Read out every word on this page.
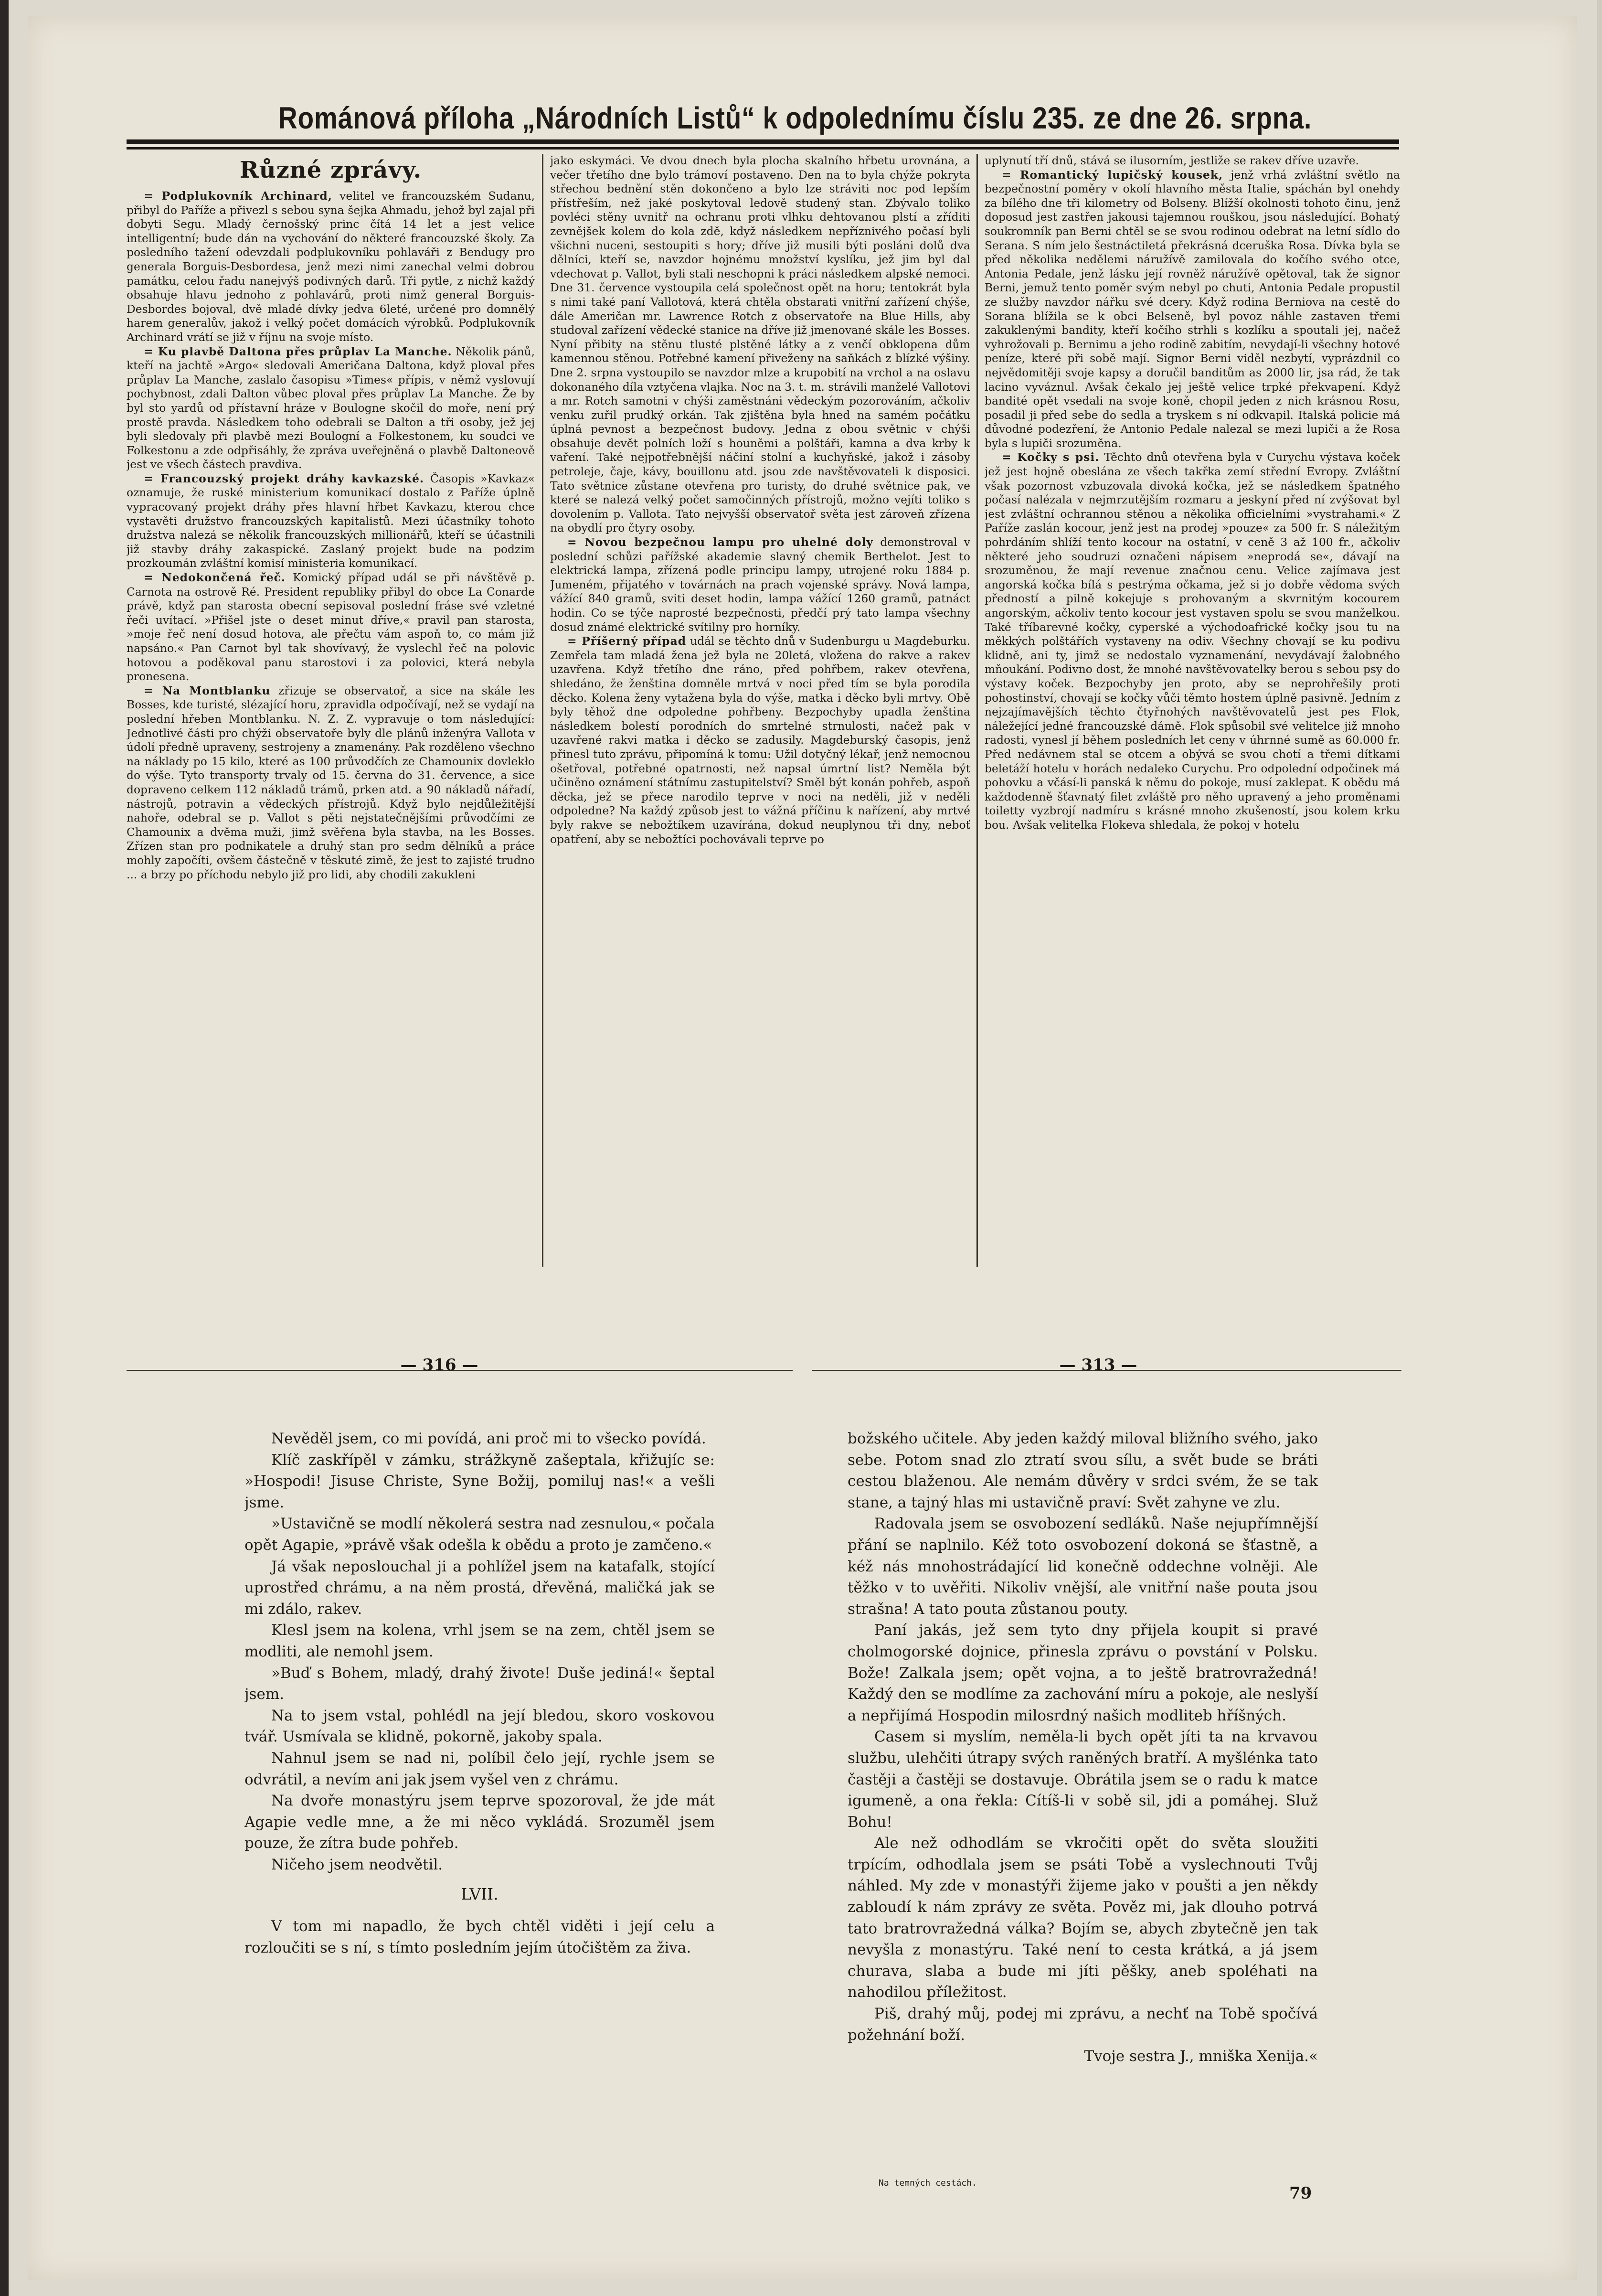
Románová příloha „Národních Listů“ k odpolednímu číslu 235. ze dne 26. srpna.
Různé zprávy.

= Podplukovník Archinard, velitel ve francouzském Sudanu, přibyl do Paříže a přivezl s sebou syna šejka Ahmadu, jehož byl zajal při dobyti Segu. Mladý černošský princ čítá 14 let a jest velice intelligentní; bude dán na vychování do některé francouzské školy. Za posledního tažení odevzdali podplukovníku pohlaváři z Bendugy pro generala Borguis-Desbordesa, jenž mezi nimi zanechal velmi dobrou památku, celou řadu nanejvýš podivných darů. Tři pytle, z nichž každý obsahuje hlavu jednoho z pohlavárů, proti nimž general Borguis-Desbordes bojoval, dvě mladé dívky jedva 6leté, určené pro domnělý harem generalův, jakož i velký počet domácích výrobků. Podplukovník Archinard vrátí se již v říjnu na svoje místo.

= Ku plavbě Daltona přes průplav La Manche. Několik pánů, kteří na jachtě »Argo« sledovali Američana Daltona, když ploval přes průplav La Manche, zaslalo časopisu »Times« přípis, v němž vyslovují pochybnost, zdali Dalton vůbec ploval přes průplav La Manche. Že by byl sto yardů od přístavní hráze v Boulogne skočil do moře, není prý prostě pravda. Následkem toho odebrali se Dalton a tři osoby, jež jej byli sledovaly při plavbě mezi Boulogní a Folkestonem, ku soudci ve Folkestonu a zde odpřisáhly, že zpráva uveřejněná o plavbě Daltoneově jest ve všech částech pravdiva.

= Francouzský projekt dráhy kavkazské. Časopis »Kavkaz« oznamuje, že ruské ministerium komunikací dostalo z Paříže úplně vypracovaný projekt dráhy přes hlavní hřbet Kavkazu, kterou chce vystavěti družstvo francouzských kapitalistů. Mezi účastníky tohoto družstva nalezá se několik francouzských millionářů, kteří se účastnili již stavby dráhy zakaspické. Zaslaný projekt bude na podzim prozkoumán zvláštní komisí ministeria komunikací.

= Nedokončená řeč. Komický případ udál se při návštěvě p. Carnota na ostrově Ré. President republiky přibyl do obce La Conarde právě, když pan starosta obecní sepisoval poslední fráse své vzletné řeči uvítací. »Přišel jste o deset minut dříve,« pravil pan starosta, »moje řeč není dosud hotova, ale přečtu vám aspoň to, co mám již napsáno.« Pan Carnot byl tak shovívavý, že vyslechl řeč na polovic hotovou a poděkoval panu starostovi i za polovici, která nebyla pronesena.

= Na Montblanku zřizuje se observatoř, a sice na skále les Bosses, kde turisté, slézající horu, zpravidla odpočívají, než se vydají na poslední hřeben Montblanku. N. Z. Z. vypravuje o tom následující: Jednotlivé části pro chýži observatoře byly dle plánů inženýra Vallota v údolí předně upraveny, sestrojeny a znamenány. Pak rozděleno všechno na náklady po 15 kilo, které as 100 průvodčích ze Chamounix dovlekło do výše. Tyto transporty trvaly od 15. června do 31. července, a sice dopraveno celkem 112 nákladů trámů, prken atd. a 90 nákladů nářadí, nástrojů, potravin a vědeckých přístrojů. Když bylo nejdůležitější nahoře, odebral se p. Vallot s pěti nejstatečnějšími průvodčími ze Chamounix a dvěma muži, jimž svěřena byla stavba, na les Bosses. Zřízen stan pro podnikatele a druhý stan pro sedm dělníků a práce mohly započíti, ovšem částečně v těskuté zimě, že jest to zajisté trudno ... a brzy po příchodu nebylo již pro lidi, aby chodili zakukleni

jako eskymáci. Ve dvou dnech byla plocha skalního hřbetu urovnána, a večer třetího dne bylo trámoví postaveno. Den na to byla chýže pokryta střechou bednění stěn dokončeno a bylo lze stráviti noc pod lepším přístřeším, než jaké poskytoval ledově studený stan. Zbývalo toliko povléci stěny uvnitř na ochranu proti vlhku dehtovanou plstí a zříditi zevnějšek kolem do kola zdě, když následkem nepříznivého počasí byli všichni nuceni, sestoupiti s hory; dříve již musili býti posláni dolů dva dělníci, kteří se, navzdor hojnému množství kyslíku, jež jim byl dal vdechovat p. Vallot, byli stali neschopni k práci následkem alpské nemoci. Dne 31. července vystoupila celá společnost opět na horu; tentokrát byla s nimi také paní Vallotová, která chtěla obstarati vnitřní zařízení chýše, dále Američan mr. Lawrence Rotch z observatoře na Blue Hills, aby studoval zařízení vědecké stanice na dříve již jmenované skále les Bosses. Nyní přibity na stěnu tlusté plstěné látky a z venčí obklopena dům kamennou stěnou. Potřebné kamení přiveženy na saňkách z blízké výšiny. Dne 2. srpna vystoupilo se navzdor mlze a krupobití na vrchol a na oslavu dokonaného díla vztyčena vlajka. Noc na 3. t. m. strávili manželé Vallotovi a mr. Rotch samotni v chýši zaměstnáni vědeckým pozorováním, ačkoliv venku zuřil prudký orkán. Tak zjištěna byla hned na samém počátku úplná pevnost a bezpečnost budovy. Jedna z obou světnic v chýši obsahuje devět polních loží s houněmi a polštáři, kamna a dva krby k vaření. Také nejpotřebnější náčiní stolní a kuchyňské, jakož i zásoby petroleje, čaje, kávy, bouillonu atd. jsou zde navštěvovateli k disposici. Tato světnice zůstane otevřena pro turisty, do druhé světnice pak, ve které se nalezá velký počet samočinných přístrojů, možno vejíti toliko s dovolením p. Vallota. Tato nejvyšší observatoř světa jest zároveň zřízena na obydlí pro čtyry osoby.

= Novou bezpečnou lampu pro uhelné doly demonstroval v poslední schůzi pařížské akademie slavný chemik Berthelot. Jest to elektrická lampa, zřízená podle principu lampy, utrojené roku 1884 p. Jumeném, přijatého v továrnách na prach vojenské správy. Nová lampa, vážící 840 gramů, sviti deset hodin, lampa vážící 1260 gramů, patnáct hodin. Co se týče naprosté bezpečnosti, předčí prý tato lampa všechny dosud známé elektrické svítilny pro horníky.

= Příšerný případ udál se těchto dnů v Sudenburgu u Magdeburku. Zemřela tam mladá žena jež byla ne 20letá, vložena do rakve a rakev uzavřena. Když třetího dne ráno, před pohřbem, rakev otevřena, shledáno, že ženština domněle mrtvá v noci před tím se byla porodila děcko. Kolena ženy vytažena byla do výše, matka i děcko byli mrtvy. Obě byly těhož dne odpoledne pohřbeny. Bezpochyby upadla ženština následkem bolestí porodních do smrtelné strnulosti, načež pak v uzavřené rakvi matka i děcko se zadusily. Magdeburský časopis, jenž přinesl tuto zprávu, připomíná k tomu: Užil dotyčný lékař, jenž nemocnou ošetřoval, potřebné opatrnosti, než napsal úmrtní list? Neměla být učiněno oznámení státnímu zastupitelství? Směl být konán pohřeb, aspoň děcka, jež se přece narodilo teprve v noci na neděli, již v neděli odpoledne? Na každý způsob jest to vážná příčinu k nařízení, aby mrtvé byly rakve se nebožtíkem uzavírána, dokud neuplynou tři dny, neboť opatření, aby se nebožtíci pochovávali teprve po

uplynutí tří dnů, stává se ilusorním, jestliže se rakev dříve uzavře.

= Romantický lupičský kousek, jenž vrhá zvláštní světlo na bezpečnostní poměry v okolí hlavního města Italie, spáchán byl onehdy za bílého dne tři kilometry od Bolseny. Blížší okolnosti tohoto činu, jenž doposud jest zastřen jakousi tajemnou rouškou, jsou následující. Bohatý soukromník pan Berni chtěl se se svou rodinou odebrat na letní sídlo do Serana. S ním jelo šestnáctiletá překrásná dceruška Rosa. Dívka byla se před několika nedělemi náružívě zamilovala do kočího svého otce, Antonia Pedale, jenž lásku její rovněž náružívě opětoval, tak že signor Berni, jemuž tento poměr svým nebyl po chuti, Antonia Pedale propustil ze služby navzdor nářku své dcery. Když rodina Berniova na cestě do Sorana blížila se k obci Belseně, byl povoz náhle zastaven třemi zakuklenými bandity, kteří kočího strhli s kozlíku a spoutali jej, načež vyhrožovali p. Bernimu a jeho rodině zabitím, nevydají-li všechny hotové peníze, které při sobě mají. Signor Berni viděl nezbytí, vyprázdnil co nejvědomitěji svoje kapsy a doručil banditům as 2000 lir, jsa rád, že tak lacino vyváznul. Avšak čekalo jej ještě velice trpké překvapení. Když bandité opět vsedali na svoje koně, chopil jeden z nich krásnou Rosu, posadil ji před sebe do sedla a tryskem s ní odkvapil. Italská policie má důvodné podezření, že Antonio Pedale nalezal se mezi lupiči a že Rosa byla s lupiči srozuměna.

= Kočky s psi. Těchto dnů otevřena byla v Curychu výstava koček jež jest hojně obeslána ze všech takřka zemí střední Evropy. Zvláštní však pozornost vzbuzovala divoká kočka, jež se následkem špatného počasí nalézala v nejmrzutějším rozmaru a jeskyní před ní zvýšovat byl jest zvláštní ochrannou stěnou a několika officielními »vystrahami.« Z Paříže zaslán kocour, jenž jest na prodej »pouze« za 500 fr. S náležitým pohrdáním shlíží tento kocour na ostatní, v ceně 3 až 100 fr., ačkoliv některé jeho soudruzi označeni nápisem »neprodá se«, dávají na srozuměnou, že mají revenue značnou cenu. Velice zajímava jest angorská kočka bílá s pestrýma očkama, jež si jo dobře vědoma svých předností a pilně kokejuje s prohovaným a skvrnitým kocourem angorským, ačkoliv tento kocour jest vystaven spolu se svou manželkou. Také tříbarevné kočky, cyperské a východoafrické kočky jsou tu na měkkých polštářích vystaveny na odiv. Všechny chovají se ku podivu klidně, ani ty, jimž se nedostalo vyznamenání, nevydávají žalobného mňoukání. Podivno dost, že mnohé navštěvovatelky berou s sebou psy do výstavy koček. Bezpochyby jen proto, aby se neprohřešily proti pohostinství, chovají se kočky vůči těmto hostem úplně pasivně. Jedním z nejzajímavějších těchto čtyřnohých navštěvovatelů jest pes Flok, náležející jedné francouzské dámě. Flok spůsobil své velitelce již mnoho radosti, vynesl jí během posledních let ceny v úhrnné sumě as 60.000 fr. Před nedávnem stal se otcem a obývá se svou chotí a třemi dítkami beletáží hotelu v horách nedaleko Curychu. Pro odpolední odpočinek má pohovku a včásí-li panská k němu do pokoje, musí zaklepat. K obědu má každodenně šťavnatý filet zvláště pro něho upravený a jeho proměnami toiletty vyzbrojí nadmíru s krásné mnoho zkušeností, jsou kolem krku bou. Avšak velitelka Flokeva shledala, že pokoj v hotelu

— 316 —	— 313 —

Nevěděl jsem, co mi povídá, ani proč mi to všecko povídá.

Klíč zaskřípěl v zámku, strážkyně zašeptala, křižujíc se: »Hospodi! Jisuse Christe, Syne Božij, pomiluj nas!« a vešli jsme.

»Ustavičně se modlí několerá sestra nad zesnulou,« počala opět Agapie, »právě však odešla k obědu a proto je zamčeno.«

Já však neposlouchal ji a pohlížel jsem na katafalk, stojící uprostřed chrámu, a na něm prostá, dřevěná, maličká jak se mi zdálo, rakev.

Klesl jsem na kolena, vrhl jsem se na zem, chtěl jsem se modliti, ale nemohl jsem.

»Buď s Bohem, mladý, drahý živote! Duše jediná!« šeptal jsem.

Na to jsem vstal, pohlédl na její bledou, skoro voskovou tvář. Usmívala se klidně, pokorně, jakoby spala.

Nahnul jsem se nad ni, políbil čelo její, rychle jsem se odvrátil, a nevím ani jak jsem vyšel ven z chrámu.

Na dvoře monastýru jsem teprve spozoroval, že jde mát Agapie vedle mne, a že mi něco vykládá. Srozuměl jsem pouze, že zítra bude pohřeb.

Ničeho jsem neodvětil.

LVII.

V tom mi napadlo, že bych chtěl viděti i její celu a rozloučiti se s ní, s tímto posledním jejím útočištěm za živa.

božského učitele. Aby jeden každý miloval bližního svého, jako sebe. Potom snad zlo ztratí svou sílu, a svět bude se bráti cestou blaženou. Ale nemám důvěry v srdci svém, že se tak stane, a tajný hlas mi ustavičně praví: Svět zahyne ve zlu.

Radovala jsem se osvobození sedláků. Naše nejupřímnější přání se naplnilo. Kéž toto osvobození dokoná se šťastně, a kéž nás mnohostrádající lid konečně oddechne volněji. Ale těžko v to uvěřiti. Nikoliv vnější, ale vnitřní naše pouta jsou strašna! A tato pouta zůstanou pouty.

Paní jakás, jež sem tyto dny přijela koupit si pravé cholmogorské dojnice, přinesla zprávu o povstání v Polsku. Bože! Zalkala jsem; opět vojna, a to ještě bratrovražedná! Každý den se modlíme za zachování míru a pokoje, ale neslyší a nepřijímá Hospodin milosrdný našich modliteb hříšných.

Casem si myslím, neměla-li bych opět jíti ta na krvavou službu, ulehčiti útrapy svých raněných bratří. A myšlénka tato častěji a častěji se dostavuje. Obrátila jsem se o radu k matce igumeně, a ona řekla: Cítíš-li v sobě sil, jdi a pomáhej. Služ Bohu!

Ale než odhodlám se vkročiti opět do světa sloužiti trpícím, odhodlala jsem se psáti Tobě a vyslechnouti Tvůj náhled. My zde v monastýři žijeme jako v poušti a jen někdy zabloudí k nám zprávy ze světa. Pověz mi, jak dlouho potrvá tato bratrovražedná válka? Bojím se, abych zbytečně jen tak nevyšla z monastýru. Také není to cesta krátká, a já jsem churava, slaba a bude mi jíti pěšky, aneb spoléhati na nahodilou příležitost.

Piš, drahý můj, podej mi zprávu, a nechť na Tobě spočívá požehnání boží.

Tvoje sestra J., mniška Xenija.«

Na temných cestách.
79
